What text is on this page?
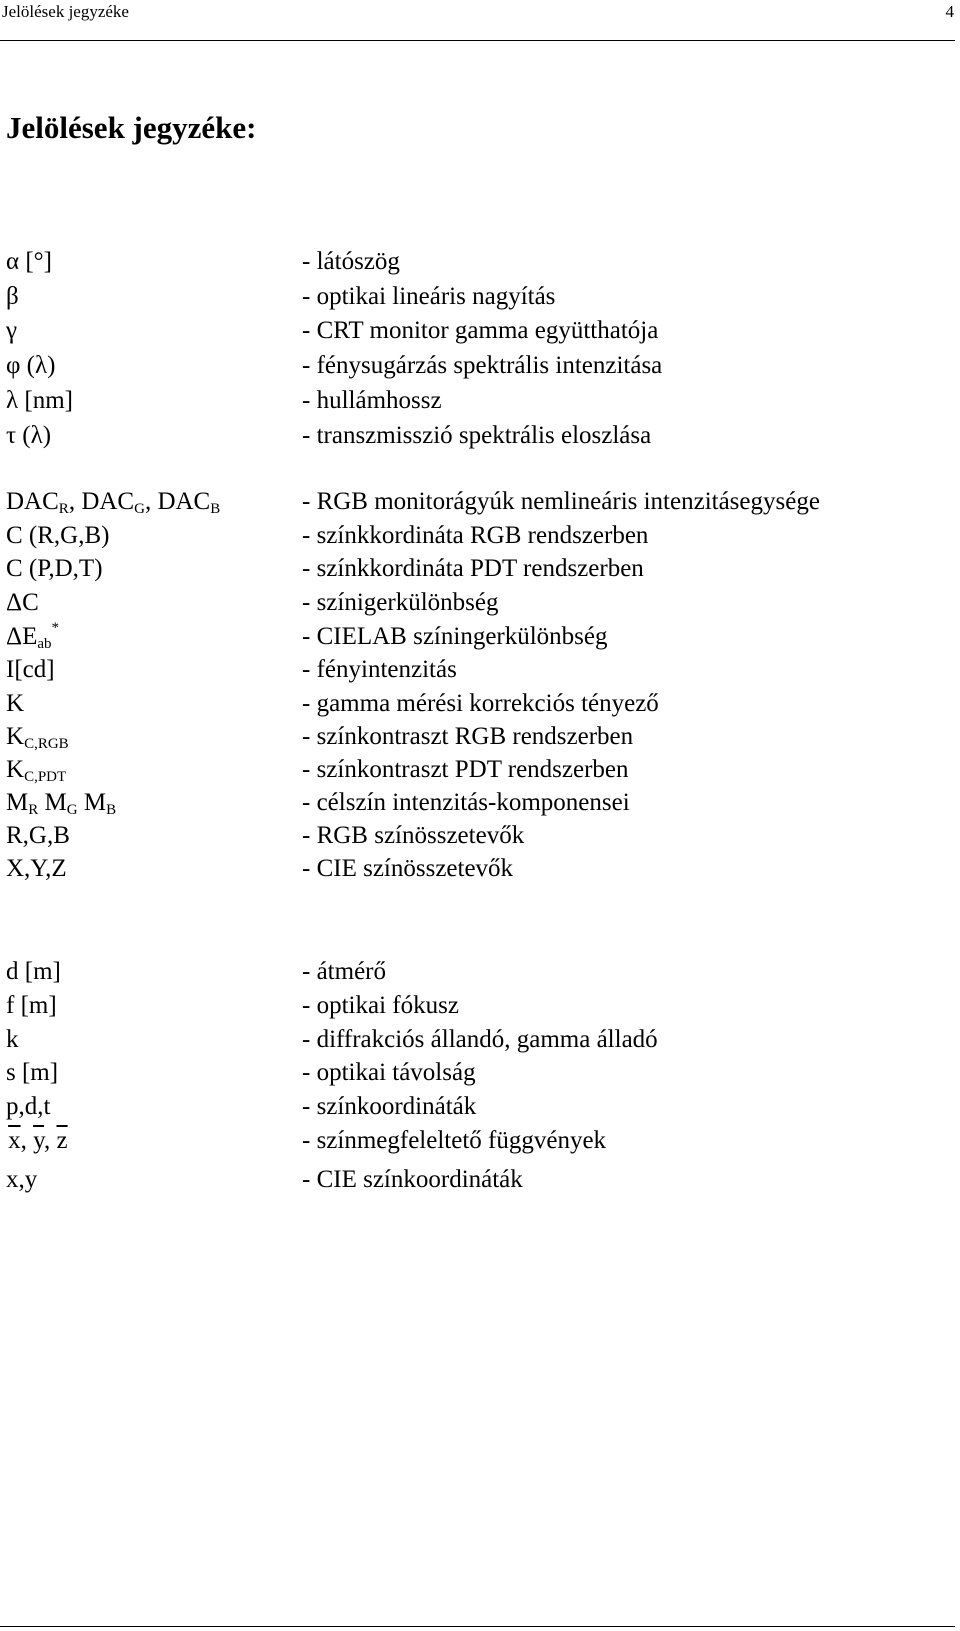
Jelölések jegyzéke	4
Jelölések jegyzéke:
α [°]	- látószög
β	- optikai lineáris nagyítás
γ	- CRT monitor gamma együtthatója
φ (λ)	- fénysugárzás spektrális intenzitása
λ [nm]	- hullámhossz
τ (λ)	- transzmisszió spektrális eloszlása
$DAC_R$, $DAC_G$, $DAC_B$	- RGB monitorágyúk nemlineáris intenzitásegysége
C (R,G,B)	- színkkordináta RGB rendszerben
C (P,D,T)	- színkkordináta PDT rendszerben
ΔC	- színigerkülönbség
$\Delta E_{ab}^*$	- CIELAB színingerkülönbség
I[cd]	- fényintenzitás
K	- gamma mérési korrekciós tényező
$K_{C,RGB}$	- színkontraszt RGB rendszerben
$K_{C,PDT}$	- színkontraszt PDT rendszerben
$M_R$ $M_G$ $M_B$	- célszín intenzitás-komponensei
R,G,B	- RGB színösszetevők
X,Y,Z	- CIE színösszetevők
d [m]	- átmérő
f [m]	- optikai fókusz
k	- diffrakciós állandó, gamma álladó
s [m]	- optikai távolság
p,d,t	- színkoordináták
 $\overline{x}$, $\overline{y}$, $\overline{z}$	- színmegfeleltető függvények
x,y	- CIE színkoordináták
